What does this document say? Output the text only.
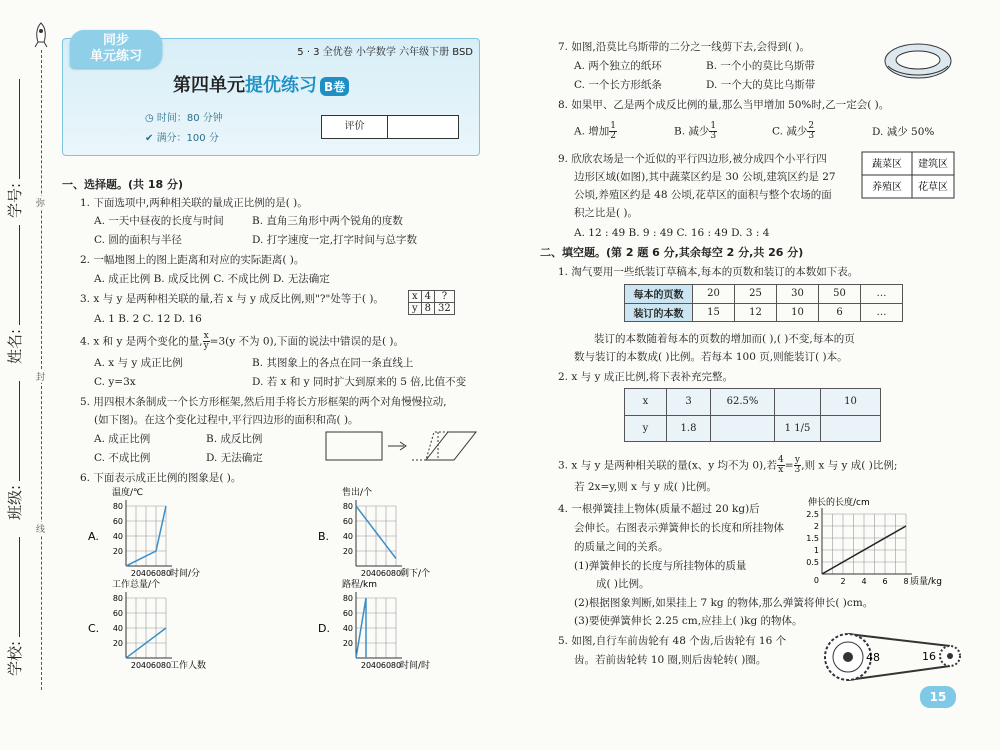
弥
封
线
学校:
班级:
姓名:
学号:
5 · 3 全优卷 小学数学 六年级下册 BSD
第四单元提优练习 B卷
◷ 时间：80 分钟
✔ 满分：100 分
评价
同步
单元练习
一、选择题。(共 18 分)
1. 下面选项中,两种相关联的量成正比例的是( )。
A. 一天中昼夜的长度与时间	B. 直角三角形中两个锐角的度数
C. 圆的面积与半径	D. 打字速度一定,打字时间与总字数
2. 一幅地图上的图上距离和对应的实际距离( )。
A. 成正比例 B. 成反比例 C. 不成比例 D. 无法确定
3. x 与 y 是两种相关联的量,若 x 与 y 成反比例,则"?"处等于( )。	x	4	?
y	8	32
A. 1 B. 2 C. 12 D. 16
4. x 和 y 是两个变化的量, $\frac{x}{y} =3(y$ 不为 0),下面的说法中错误的是( )。
A. x 与 y 成正比例	B. 其图象上的各点在同一条直线上
C. y=3x	D. 若 x 和 y 同时扩大到原来的 5 倍,比值不变
5. 用四根木条制成一个长方形框架,然后用手将长方形框架的两个对角慢慢拉动,
(如下图)。在这个变化过程中,平行四边形的面积和高( )。
A. 成正比例	B. 成反比例
C. 不成比例	D. 无法确定
6. 下面表示成正比例的图象是( )。
A.
温度/℃
80
60
40
20
20 40 60 80
时间/分
B.
售出/个
80
60
40
20
20 40 60 80
剩下/个
C.
工作总量/个
80
60
40
20
20 40 60 80
工作人数
D.
路程/km
80
60
40
20
20 40 60 80
时间/时
7. 如图,沿莫比乌斯带的二分之一线剪下去,会得到( )。
A. 两个独立的纸环	B. 一个小的莫比乌斯带
C. 一个长方形纸条	D. 一个大的莫比乌斯带
8. 如果甲、乙是两个成反比例的量,那么当甲增加 50%时,乙一定会( )。
A. 增加 $\frac{1}{2}$	B. 减少 $\frac{1}{3}$	C. 减少 $\frac{2}{3}$	D. 减少 50%
9. 欣欣农场是一个近似的平行四边形,被分成四个小平行四
边形区域(如图),其中蔬菜区约是 30 公顷,建筑区约是 27
公顷,养殖区约是 48 公顷,花草区的面积与整个农场的面
积之比是( )。
蔬菜区 建筑区
养殖区 花草区
A. 12 : 49 B. 9 : 49 C. 16 : 49 D. 3 : 4
二、填空题。(第 2 题 6 分,其余每空 2 分,共 26 分)
1. 淘气要用一些纸装订草稿本,每本的页数和装订的本数如下表。
每本的页数	20	25	30	50	…
装订的本数	15	12	10	6	…
装订的本数随着每本的页数的增加而( ),( )不变,每本的页
数与装订的本数成( )比例。若每本 100 页,则能装订( )本。
2. x 与 y 成正比例,将下表补充完整。
x	3	62.5%		10
y	1.8		1 1/5	
3. x 与 y 是两种相关联的量(x、y 均不为 0),若 $\frac{4}{x} = \frac{y}{3}$ ,则 x 与 y 成( )比例;
若 2x=y,则 x 与 y 成( )比例。
4. 一根弹簧挂上物体(质量不超过 20 kg)后
会伸长。右图表示弹簧伸长的长度和所挂物体
的质量之间的关系。
(1)弹簧伸长的长度与所挂物体的质量
成( )比例。
(2)根据图象判断,如果挂上 7 kg 的物体,那么弹簧将伸长( )cm。
(3)要使弹簧伸长 2.25 cm,应挂上( )kg 的物体。
伸长的长度/cm
2.5
2
1.5
1
0.5
2 4 6 8
0	质量/kg
5. 如图,自行车前齿轮有 48 个齿,后齿轮有 16 个
齿。若前齿轮转 10 圈,则后齿轮转( )圈。	48	16
15
